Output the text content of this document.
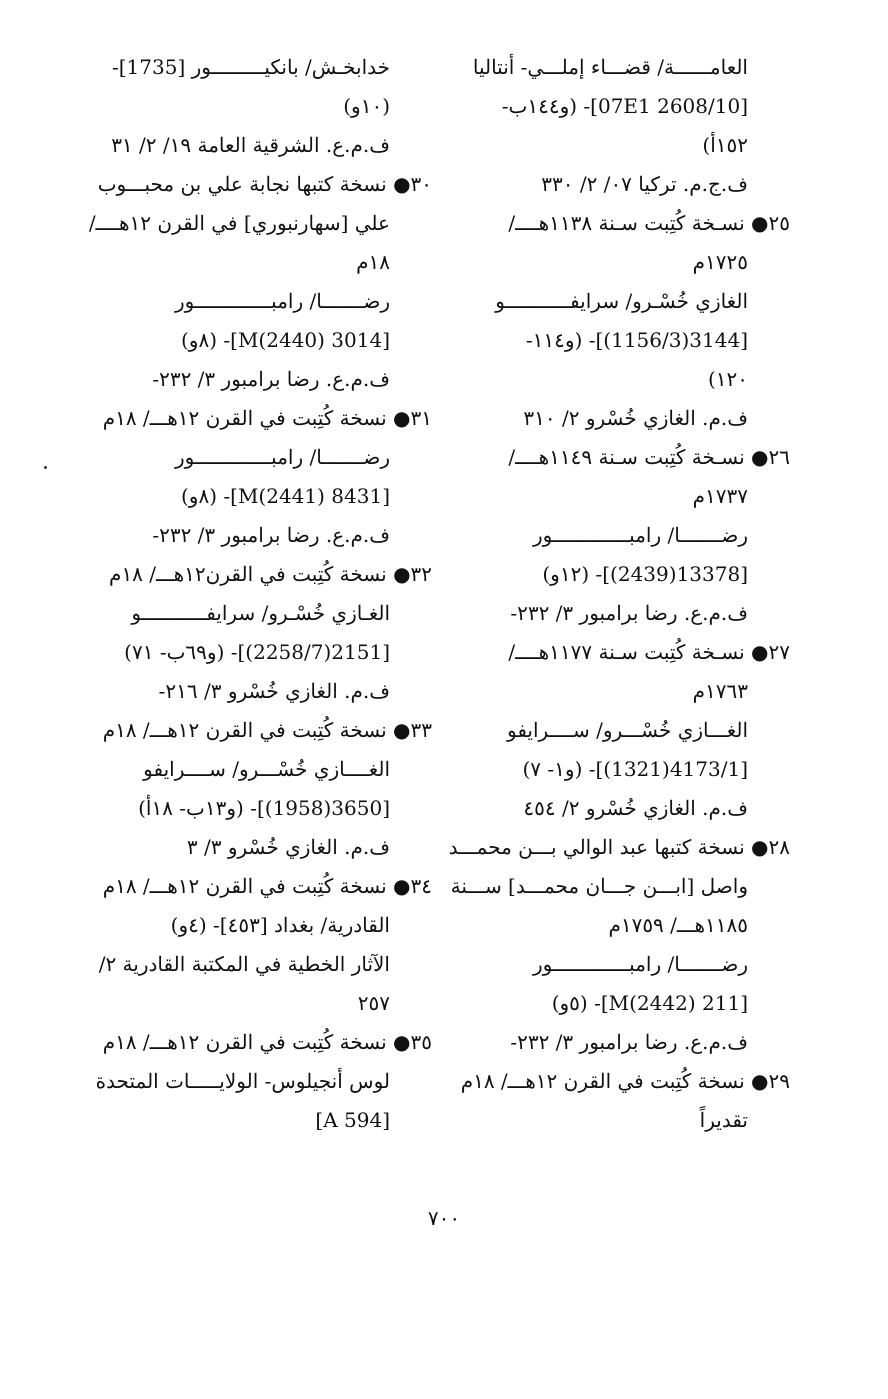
العامــــــة/ قضـــاء إملـــي- أنتاليا
[07E1 2608/10]- (و١٤٤ب-
١٥٢أ)
ف.ج.م. تركيا ٠٧/ ٢/ ٣٣٠
٢٥● نسـخة كُتِبت سـنة ١١٣٨هــــ/
١٧٢٥م
الغازي خُسْـرو/ سرايف‍ـــــــــــو
[3144(1156/3)]- (و١١٤-
١٢٠)
ف.م. الغازي خُسْرو ٢/ ٣١٠
٢٦● نسـخة كُتِبت سـنة ١١٤٩هــــ/
١٧٣٧م
رضـــــــا/ رامبـــــــــــــور
[13378(2439)]- (١٢و)
ف.م.ع. رضا برامبور ٣/ ٢٣٢-
٢٧● نسـخة كُتِبت سـنة ١١٧٧هــــ/
١٧٦٣م
الغـــازي خُسْـــرو/ ســــرايفو
[4173/1(1321)]- (و١- ٧)
ف.م. الغازي خُسْرو ٢/ ٤٥٤
٢٨● نسخة كتبها عبد الوالي بـــن محمـــد
واصل [ابـــن جـــان محمـــد] ســـنة
١١٨٥هـــ/ ١٧٥٩م
رضـــــــا/ رامبـــــــــــــور
[211 M(2442)]- (٥و)
ف.م.ع. رضا برامبور ٣/ ٢٣٢-
٢٩● نسخة كُتِبت في القرن ١٢هـــ/ ١٨م
تقديراً
خدابخـش/ بانكيـــــــــور [1735]-
(١٠و)
ف.م.ع. الشرقية العامة ١٩/ ٢/ ٣١
٣٠● نسخة كتبها نجابة علي بن محبـــوب
علي [سهارنبوري] في القرن ١٢هــــ/
١٨م
رضـــــــا/ رامبـــــــــــــور
[3014 M(2440)]- (٨و)
ف.م.ع. رضا برامبور ٣/ ٢٣٢-
٣١● نسخة كُتِبت في القرن ١٢هـــ/ ١٨م
رضـــــــا/ رامبـــــــــــــور
[8431 M(2441)]- (٨و)
ف.م.ع. رضا برامبور ٣/ ٢٣٢-
٣٢● نسخة كُتِبت في القرن١٢هـــ/ ١٨م
الغـازي خُسْـرو/ سرايف‍ـــــــــــو
[2151(2258/7)]- (و٦٩ب- ٧١)
ف.م. الغازي خُسْرو ٣/ ٢١٦-
٣٣● نسخة كُتِبت في القرن ١٢هـــ/ ١٨م
الغــــازي خُسْـــرو/ ســــرايفو
[3650(1958)]- (و١٣ب- ١٨أ)
ف.م. الغازي خُسْرو ٣/ ٣
٣٤● نسخة كُتِبت في القرن ١٢هـــ/ ١٨م
القادرية/ بغداد [٤٥٣]- (٤و)
الآثار الخطية في المكتبة القادرية ٢/
٢٥٧
٣٥● نسخة كُتِبت في القرن ١٢هـــ/ ١٨م
لوس أنجيلوس- الولايـــــات المتحدة
[A 594]
٧٠٠
